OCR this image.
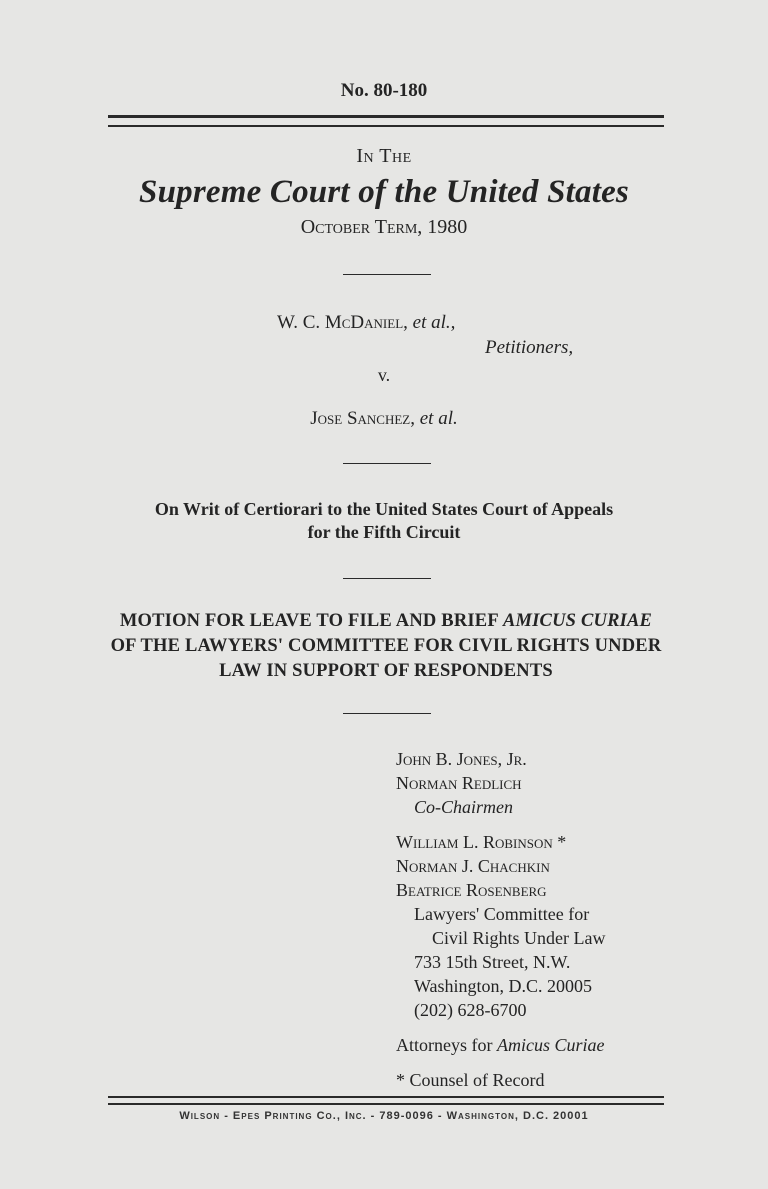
No. 80-180
In The
Supreme Court of the United States
October Term, 1980
W. C. McDaniel, et al.,
Petitioners,
v.
Jose Sanchez, et al.
On Writ of Certiorari to the United States Court of Appeals
for the Fifth Circuit
MOTION FOR LEAVE TO FILE AND BRIEF AMICUS CURIAE OF THE LAWYERS' COMMITTEE FOR CIVIL RIGHTS UNDER LAW IN SUPPORT OF RESPONDENTS
John B. Jones, Jr.
Norman Redlich
Co-Chairmen
William L. Robinson *
Norman J. Chachkin
Beatrice Rosenberg
Lawyers' Committee for
Civil Rights Under Law
733 15th Street, N.W.
Washington, D.C. 20005
(202) 628-6700
Attorneys for Amicus Curiae
* Counsel of Record
Wilson - Epes Printing Co., Inc. - 789-0096 - Washington, D.C. 20001
